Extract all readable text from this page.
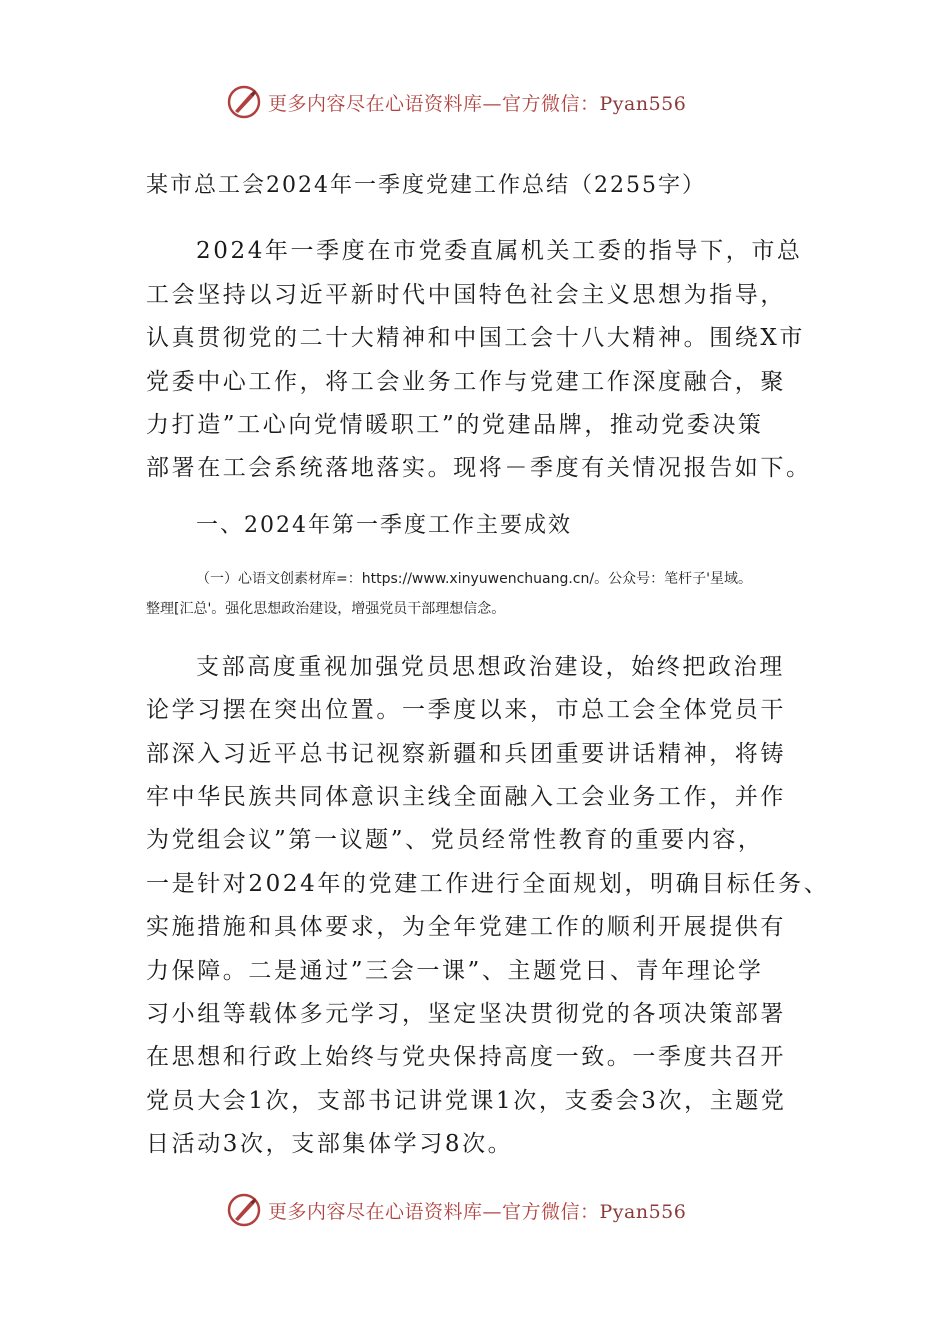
更多内容尽在心语资料库—官方微信：Pyan556
某市总工会2024年一季度党建工作总结（2255字）
2024年一季度在市党委直属机关工委的指导下，市总
工会坚持以习近平新时代中国特色社会主义思想为指导，
认真贯彻党的二十大精神和中国工会十八大精神。围绕X市
党委中心工作，将工会业务工作与党建工作深度融合，聚
力打造”工心向党情暖职工”的党建品牌，推动党委决策
部署在工会系统落地落实。现将－季度有关情况报告如下。
一、2024年第一季度工作主要成效
（一）心语文创素材库=：https://www.xinyuwenchuang.cn/。公众号：笔杆子'星域。
整理[汇总'。强化思想政治建设，增强党员干部理想信念。
支部高度重视加强党员思想政治建设，始终把政治理
论学习摆在突出位置。一季度以来，市总工会全体党员干
部深入习近平总书记视察新疆和兵团重要讲话精神，将铸
牢中华民族共同体意识主线全面融入工会业务工作，并作
为党组会议”第一议题”、党员经常性教育的重要内容，
一是针对2024年的党建工作进行全面规划，明确目标任务、
实施措施和具体要求，为全年党建工作的顺利开展提供有
力保障。二是通过”三会一课”、主题党日、青年理论学
习小组等载体多元学习，坚定坚决贯彻党的各项决策部署
在思想和行政上始终与党央保持高度一致。一季度共召开
党员大会1次，支部书记讲党课1次，支委会3次，主题党
日活动3次，支部集体学习8次。
更多内容尽在心语资料库—官方微信：Pyan556
